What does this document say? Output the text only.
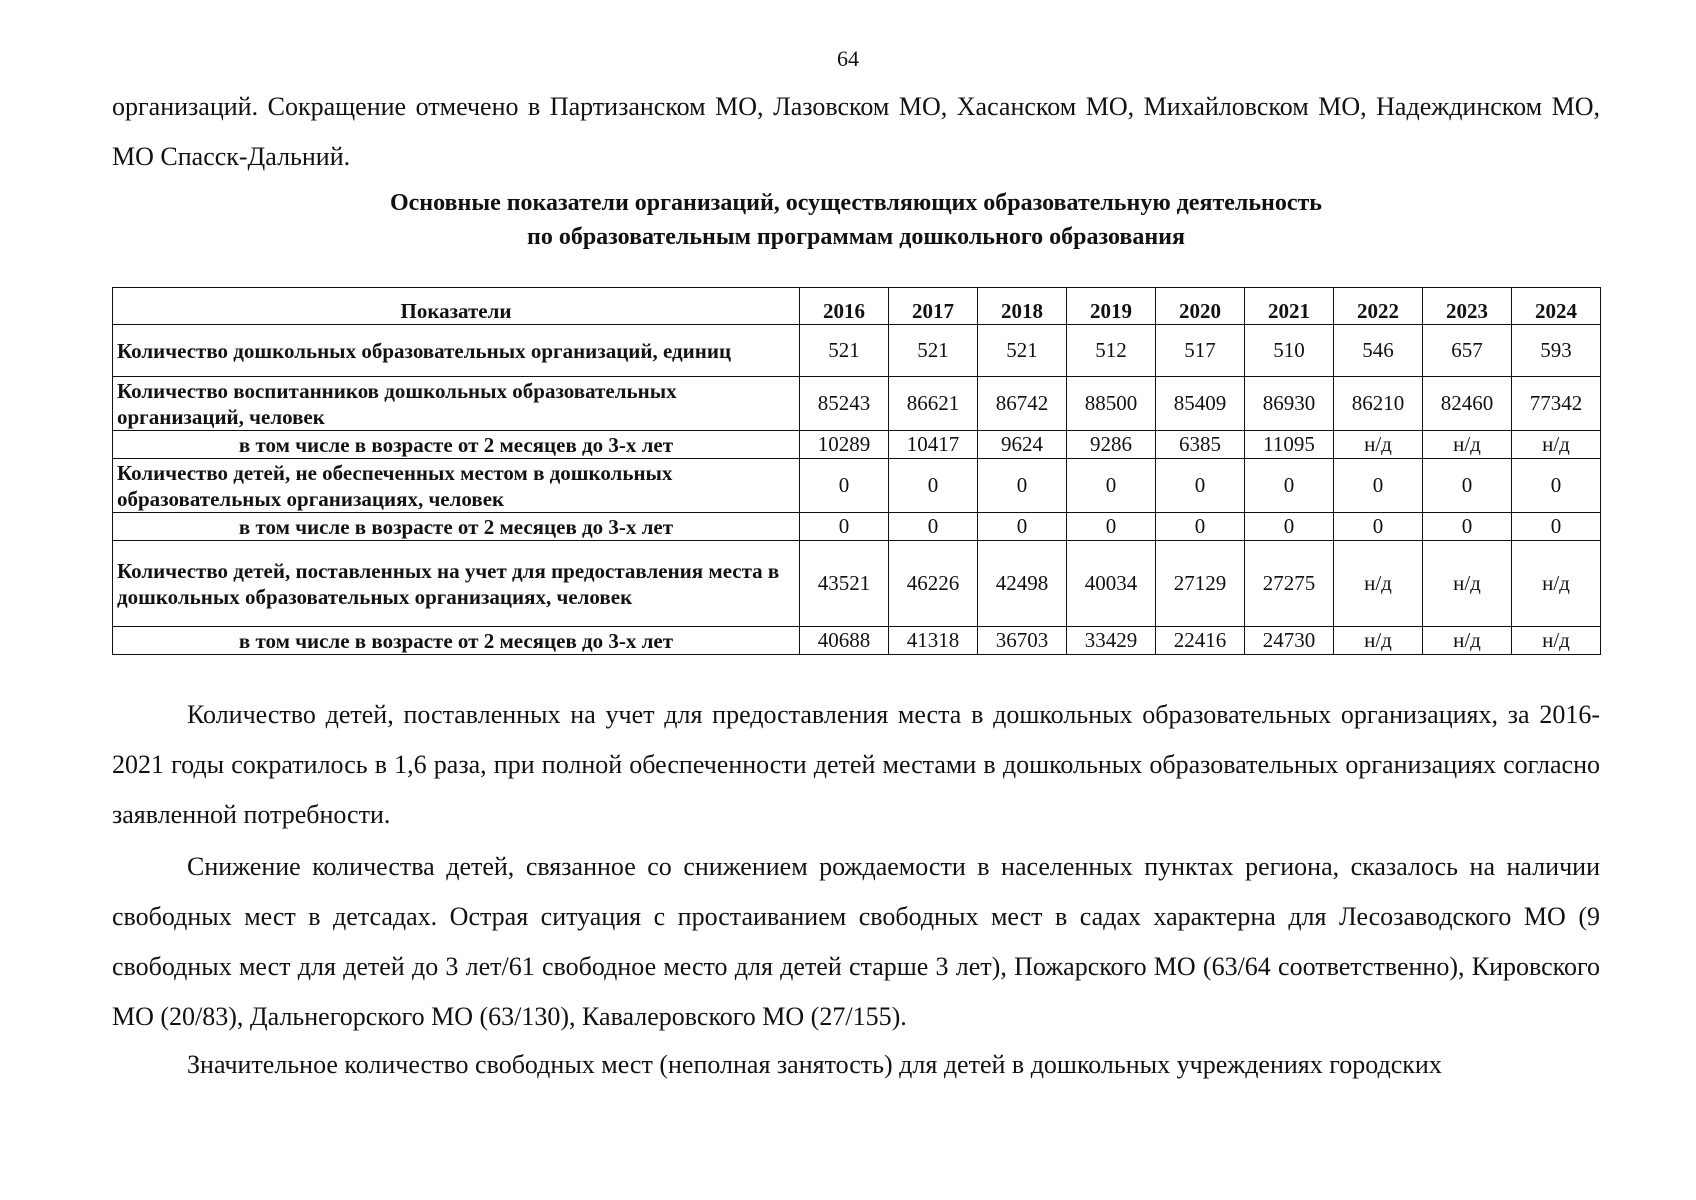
64

организаций. Сокращение отмечено в Партизанском МО, Лазовском МО, Хасанском МО, Михайловском МО, Надеждинском МО, МО Спасск-Дальний.

Основные показатели организаций, осуществляющих образовательную деятельность
по образовательным программам дошкольного образования
Показатели	2016	2017	2018	2019	2020	2021	2022	2023	2024
Количество дошкольных образовательных организаций, единиц	521	521	521	512	517	510	546	657	593
Количество воспитанников дошкольных образовательных организаций, человек	85243	86621	86742	88500	85409	86930	86210	82460	77342
в том числе в возрасте от 2 месяцев до 3-х лет	10289	10417	9624	9286	6385	11095	н/д	н/д	н/д
Количество детей, не обеспеченных местом в дошкольных образовательных организациях, человек	0	0	0	0	0	0	0	0	0
в том числе в возрасте от 2 месяцев до 3-х лет	0	0	0	0	0	0	0	0	0
Количество детей, поставленных на учет для предоставления места в дошкольных образовательных организациях, человек	43521	46226	42498	40034	27129	27275	н/д	н/д	н/д
в том числе в возрасте от 2 месяцев до 3-х лет	40688	41318	36703	33429	22416	24730	н/д	н/д	н/д

Количество детей, поставленных на учет для предоставления места в дошкольных образовательных организациях, за 2016-2021 годы сократилось в 1,6 раза, при полной обеспеченности детей местами в дошкольных образовательных организациях согласно заявленной потребности.

Снижение количества детей, связанное со снижением рождаемости в населенных пунктах региона, сказалось на наличии свободных мест в детсадах. Острая ситуация с простаиванием свободных мест в садах характерна для Лесозаводского МО (9 свободных мест для детей до 3 лет/61 свободное место для детей старше 3 лет), Пожарского МО (63/64 соответственно), Кировского МО (20/83), Дальнегорского МО (63/130), Кавалеровского МО (27/155).

Значительное количество свободных мест (неполная занятость) для детей в дошкольных учреждениях городских
